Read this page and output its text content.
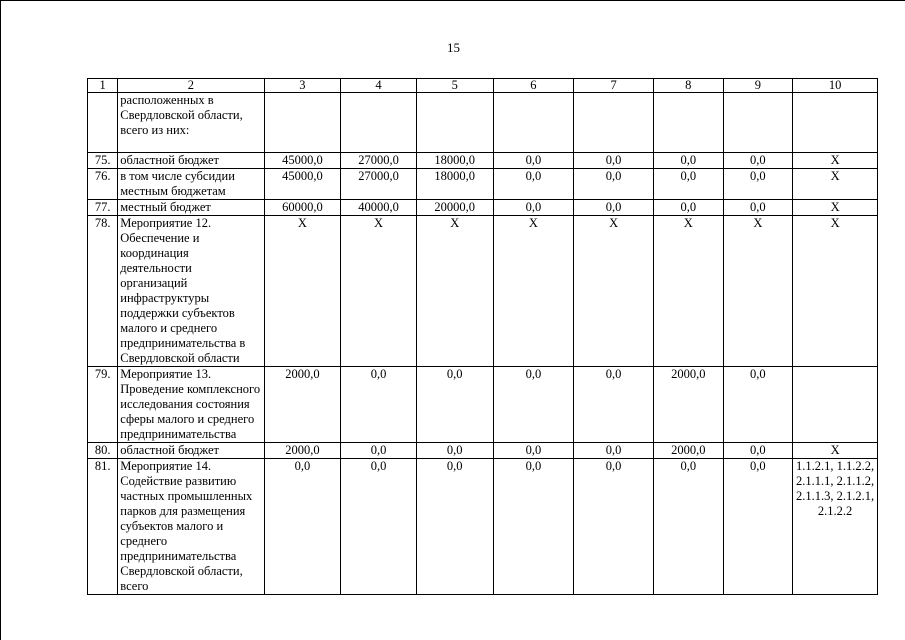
15
1	2	3	4	5	6	7	8	9	10
	расположенных в Свердловской области, всего из них:								
75.	областной бюджет	45000,0	27000,0	18000,0	0,0	0,0	0,0	0,0	X
76.	в том числе субсидии местным бюджетам	45000,0	27000,0	18000,0	0,0	0,0	0,0	0,0	X
77.	местный бюджет	60000,0	40000,0	20000,0	0,0	0,0	0,0	0,0	X
78.	Мероприятие 12. Обеспечение и координация деятельности организаций инфраструктуры поддержки субъектов малого и среднего предпринимательства в Свердловской области	X	X	X	X	X	X	X	X
79.	Мероприятие 13. Проведение комплексного исследования состояния сферы малого и среднего предпринимательства	2000,0	0,0	0,0	0,0	0,0	2000,0	0,0	
80.	областной бюджет	2000,0	0,0	0,0	0,0	0,0	2000,0	0,0	X
81.	Мероприятие 14. Содействие развитию частных промышленных парков для размещения субъектов малого и среднего предпринимательства Свердловской области, всего	0,0	0,0	0,0	0,0	0,0	0,0	0,0	1.1.2.1, 1.1.2.2, 2.1.1.1, 2.1.1.2, 2.1.1.3, 2.1.2.1, 2.1.2.2
